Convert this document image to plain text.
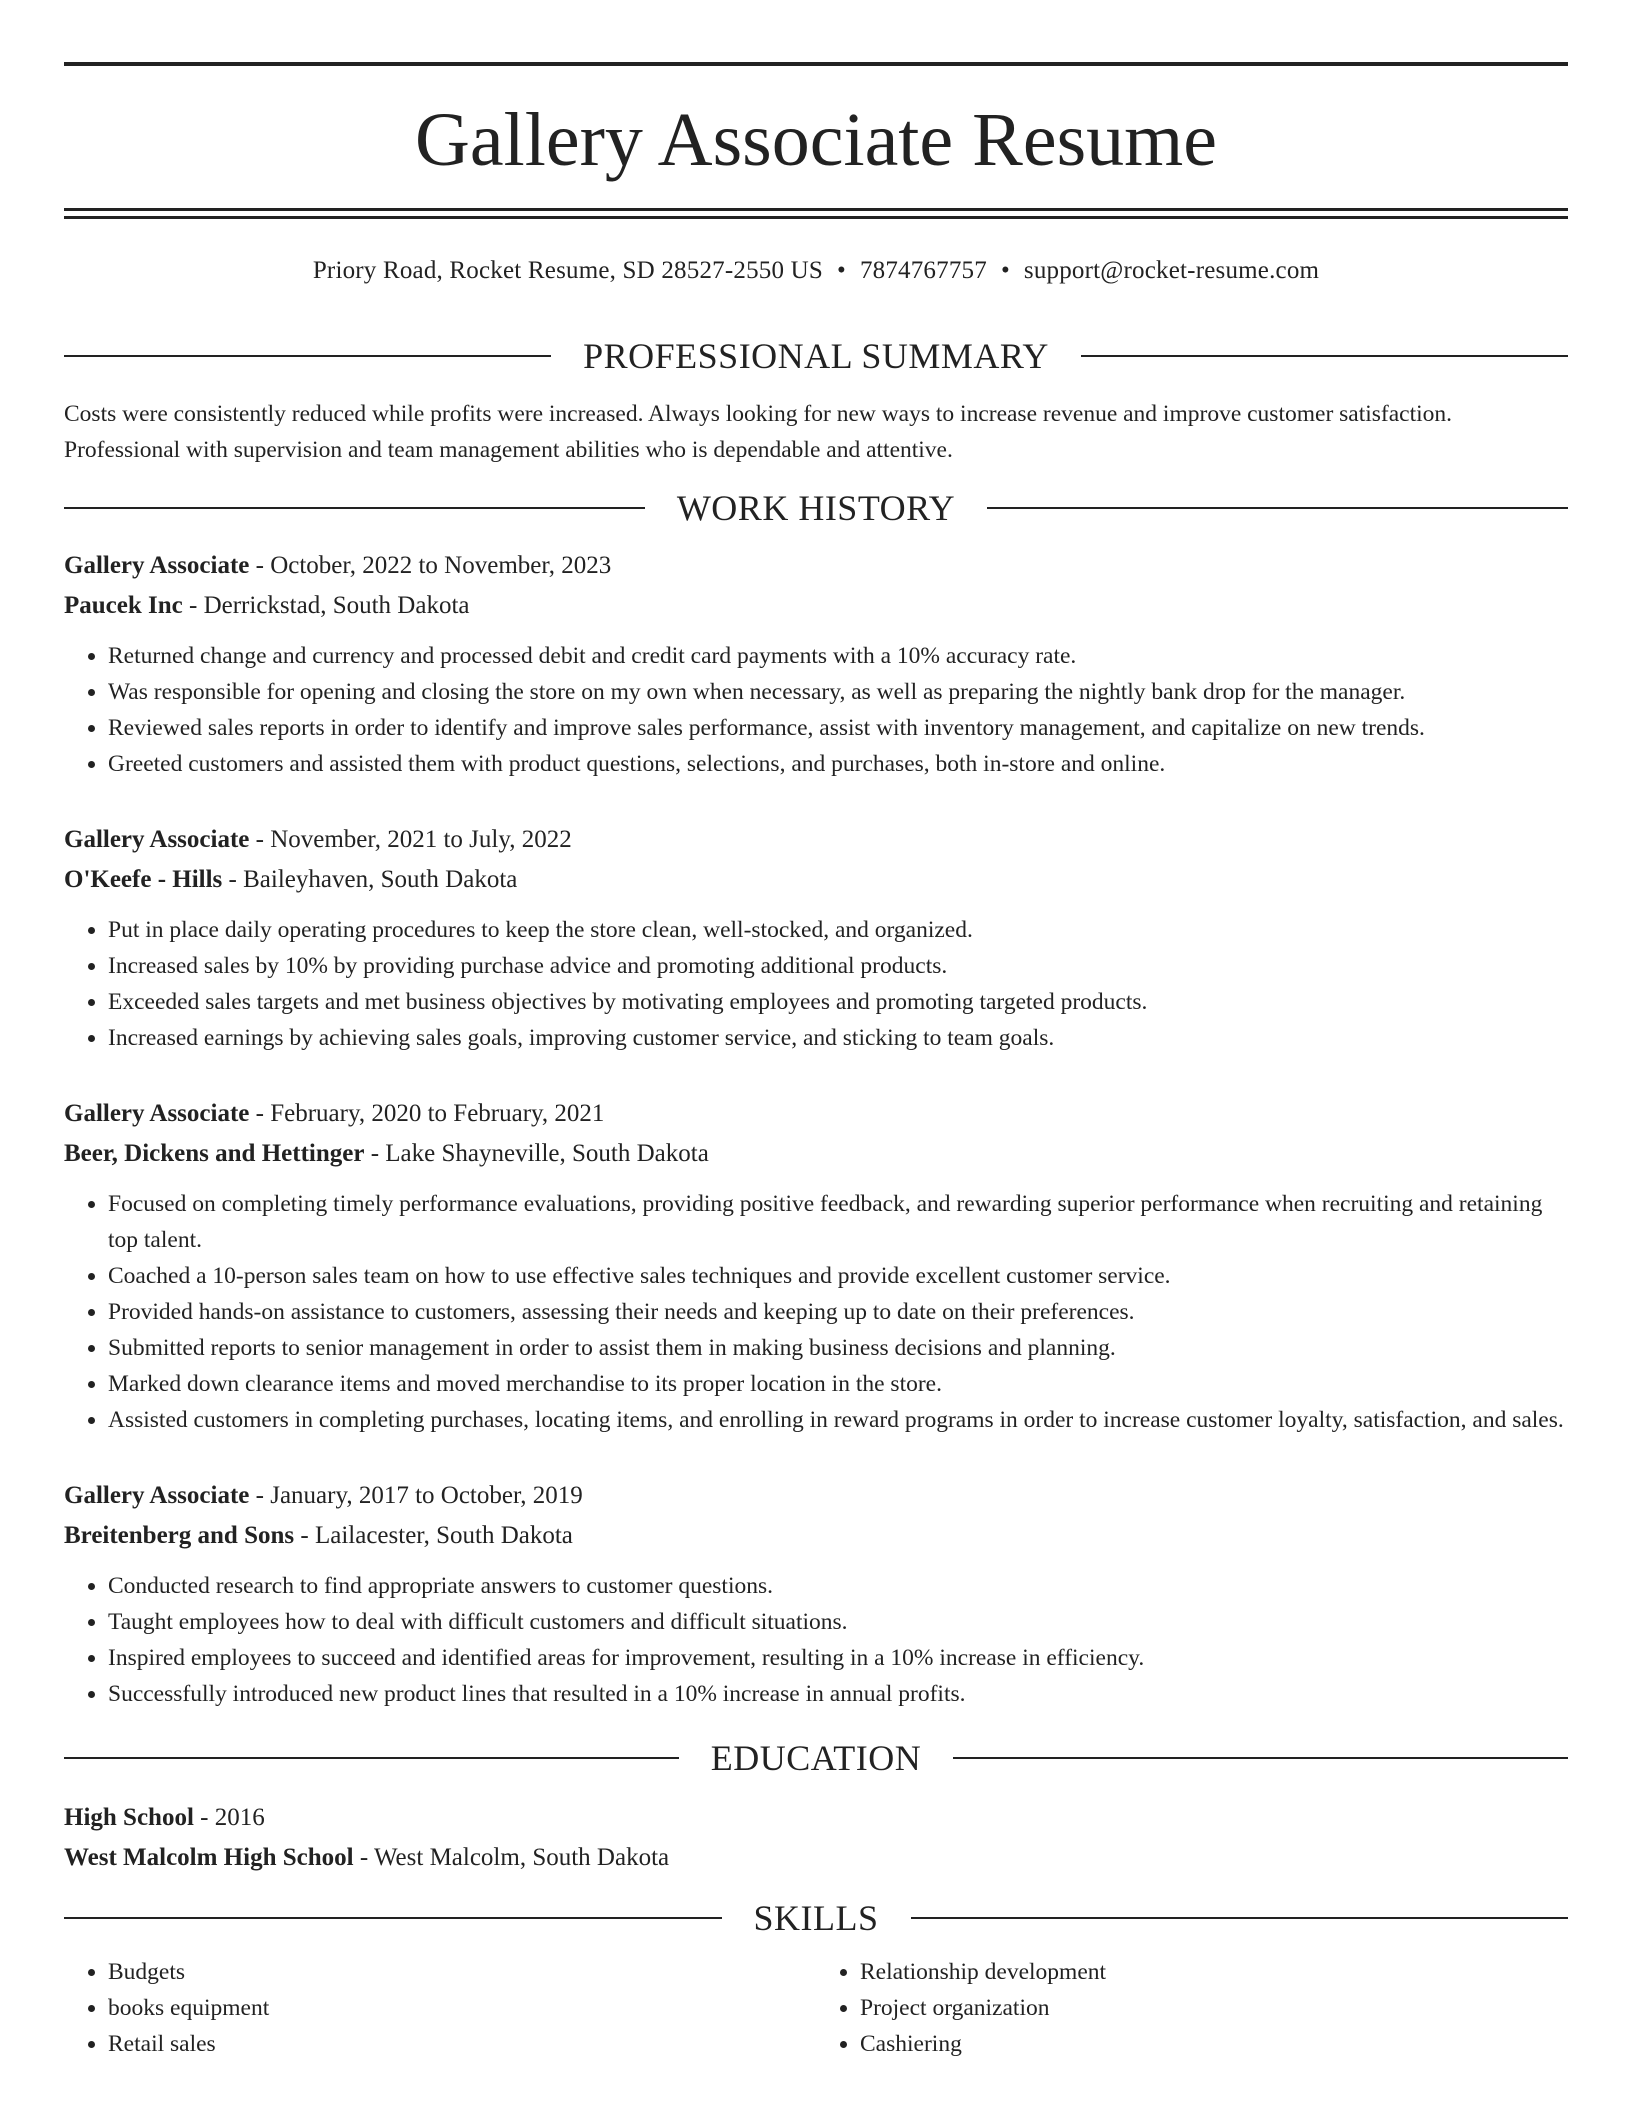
Gallery Associate Resume
Priory Road, Rocket Resume, SD 28527-2550 US • 7874767757 • support@rocket-resume.com
PROFESSIONAL SUMMARY

Costs were consistently reduced while profits were increased. Always looking for new ways to increase revenue and improve customer satisfaction. Professional with supervision and team management abilities who is dependable and attentive.

WORK HISTORY
Gallery Associate - October, 2022 to November, 2023
Paucek Inc - Derrickstad, South Dakota
• Returned change and currency and processed debit and credit card payments with a 10% accuracy rate.
• Was responsible for opening and closing the store on my own when necessary, as well as preparing the nightly bank drop for the manager.
• Reviewed sales reports in order to identify and improve sales performance, assist with inventory management, and capitalize on new trends.
• Greeted customers and assisted them with product questions, selections, and purchases, both in-store and online.
Gallery Associate - November, 2021 to July, 2022
O'Keefe - Hills - Baileyhaven, South Dakota
• Put in place daily operating procedures to keep the store clean, well-stocked, and organized.
• Increased sales by 10% by providing purchase advice and promoting additional products.
• Exceeded sales targets and met business objectives by motivating employees and promoting targeted products.
• Increased earnings by achieving sales goals, improving customer service, and sticking to team goals.
Gallery Associate - February, 2020 to February, 2021
Beer, Dickens and Hettinger - Lake Shayneville, South Dakota
• Focused on completing timely performance evaluations, providing positive feedback, and rewarding superior performance when recruiting and retaining top talent.
• Coached a 10-person sales team on how to use effective sales techniques and provide excellent customer service.
• Provided hands-on assistance to customers, assessing their needs and keeping up to date on their preferences.
• Submitted reports to senior management in order to assist them in making business decisions and planning.
• Marked down clearance items and moved merchandise to its proper location in the store.
• Assisted customers in completing purchases, locating items, and enrolling in reward programs in order to increase customer loyalty, satisfaction, and sales.
Gallery Associate - January, 2017 to October, 2019
Breitenberg and Sons - Lailacester, South Dakota
• Conducted research to find appropriate answers to customer questions.
• Taught employees how to deal with difficult customers and difficult situations.
• Inspired employees to succeed and identified areas for improvement, resulting in a 10% increase in efficiency.
• Successfully introduced new product lines that resulted in a 10% increase in annual profits.
EDUCATION
High School - 2016
West Malcolm High School - West Malcolm, South Dakota
SKILLS
• Budgets
• books equipment
• Retail sales
• Relationship development
• Project organization
• Cashiering
